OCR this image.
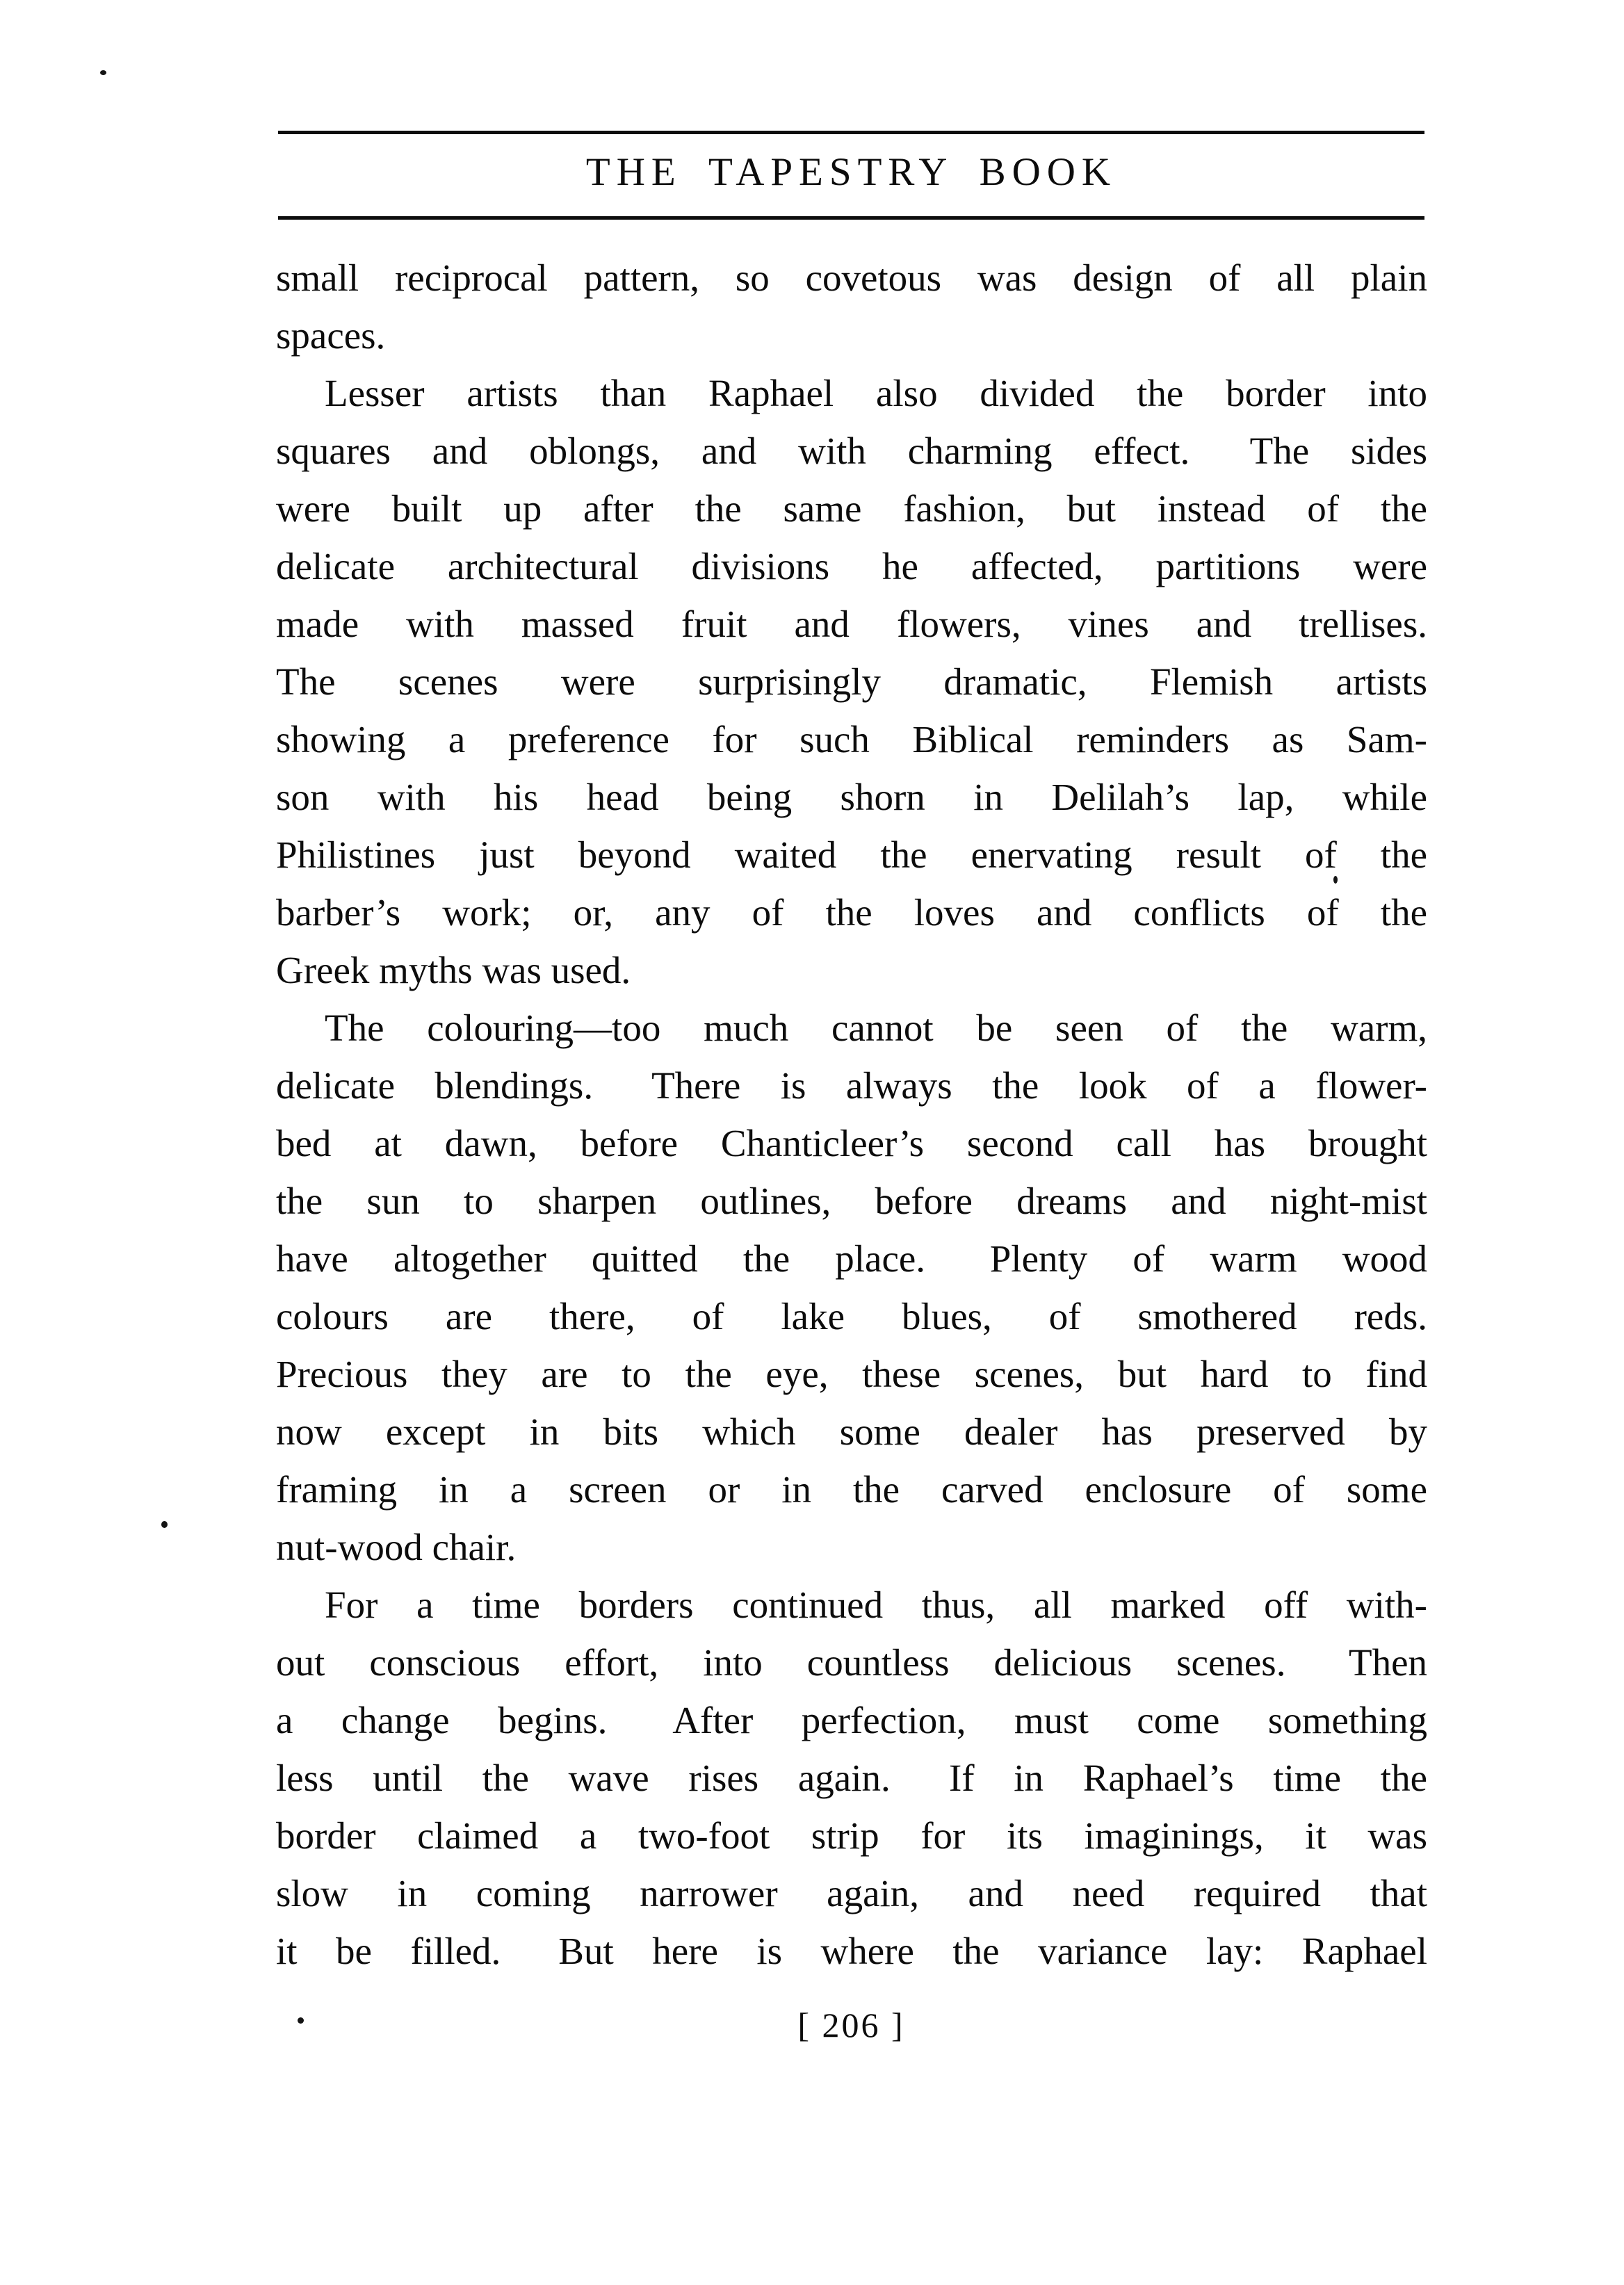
THE TAPESTRY BOOK
small reciprocal pattern, so covetous was design of all plain
spaces.
Lesser artists than Raphael also divided the border into
squares and oblongs, and with charming effect.  The sides
were built up after the same fashion, but instead of the
delicate architectural divisions he affected, partitions were
made with massed fruit and flowers, vines and trellises.
The scenes were surprisingly dramatic, Flemish artists
showing a preference for such Biblical reminders as Sam-
son with his head being shorn in Delilah’s lap, while
Philistines just beyond waited the enervating result of the
barber’s work; or, any of the loves and conflicts of the
Greek myths was used.
The colouring—too much cannot be seen of the warm,
delicate blendings.  There is always the look of a flower-
bed at dawn, before Chanticleer’s second call has brought
the sun to sharpen outlines, before dreams and night-mist
have altogether quitted the place.  Plenty of warm wood
colours are there, of lake blues, of smothered reds.
Precious they are to the eye, these scenes, but hard to find
now except in bits which some dealer has preserved by
framing in a screen or in the carved enclosure of some
nut-wood chair.
For a time borders continued thus, all marked off with-
out conscious effort, into countless delicious scenes.  Then
a change begins.  After perfection, must come something
less until the wave rises again.  If in Raphael’s time the
border claimed a two-foot strip for its imaginings, it was
slow in coming narrower again, and need required that
it be filled.  But here is where the variance lay: Raphael
[ 206 ]
